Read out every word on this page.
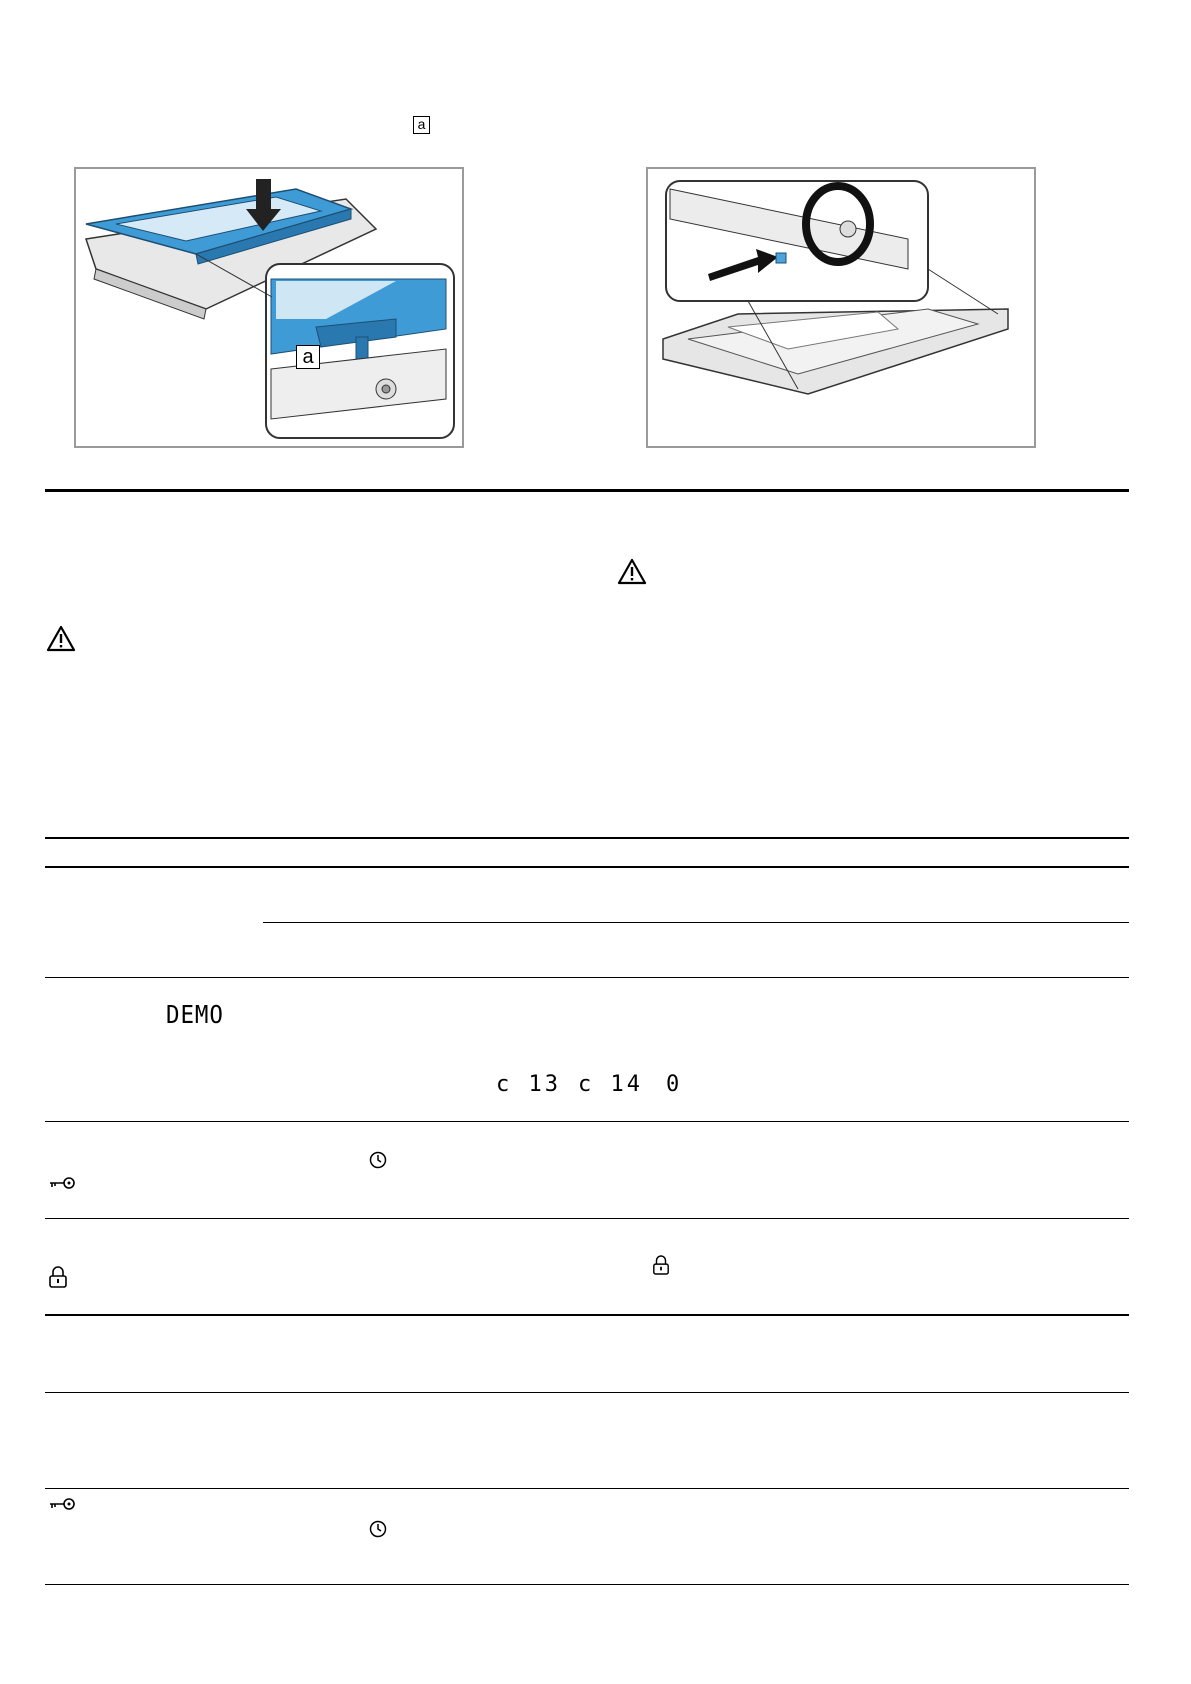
a
a
DEMO
c 13 c 14 0
